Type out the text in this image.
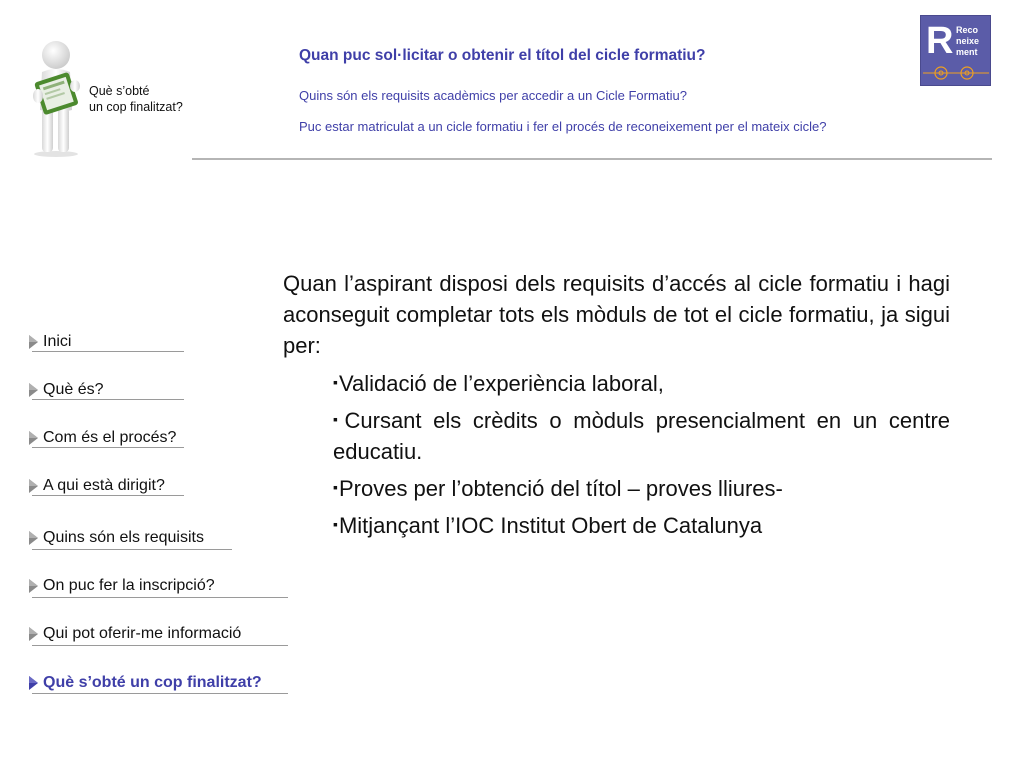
Què s’obté
un cop finalitzat?
Quan puc sol·licitar o obtenir el títol del cicle formatiu?
Quins són els requisits acadèmics per accedir a un Cicle Formatiu?
Puc estar matriculat a un cicle formatiu i fer el procés de reconeixement per el mateix cicle?
R Reco
neixe
ment
Inici
Què és?
Com és el procés?
A qui està dirigit?
Quins són els requisits
On puc fer la inscripció?
Qui pot oferir-me informació
Què s’obté un cop finalitzat?

Quan l’aspirant disposi dels requisits d’accés al cicle formatiu i hagi aconseguit completar tots els mòduls de tot el cicle formatiu, ja sigui per:

▪Validació de l’experiència laboral,
▪Cursant els crèdits o mòduls presencialment en un centre educatiu.
▪Proves per l’obtenció del títol – proves lliures-
▪Mitjançant l’IOC Institut Obert de Catalunya
